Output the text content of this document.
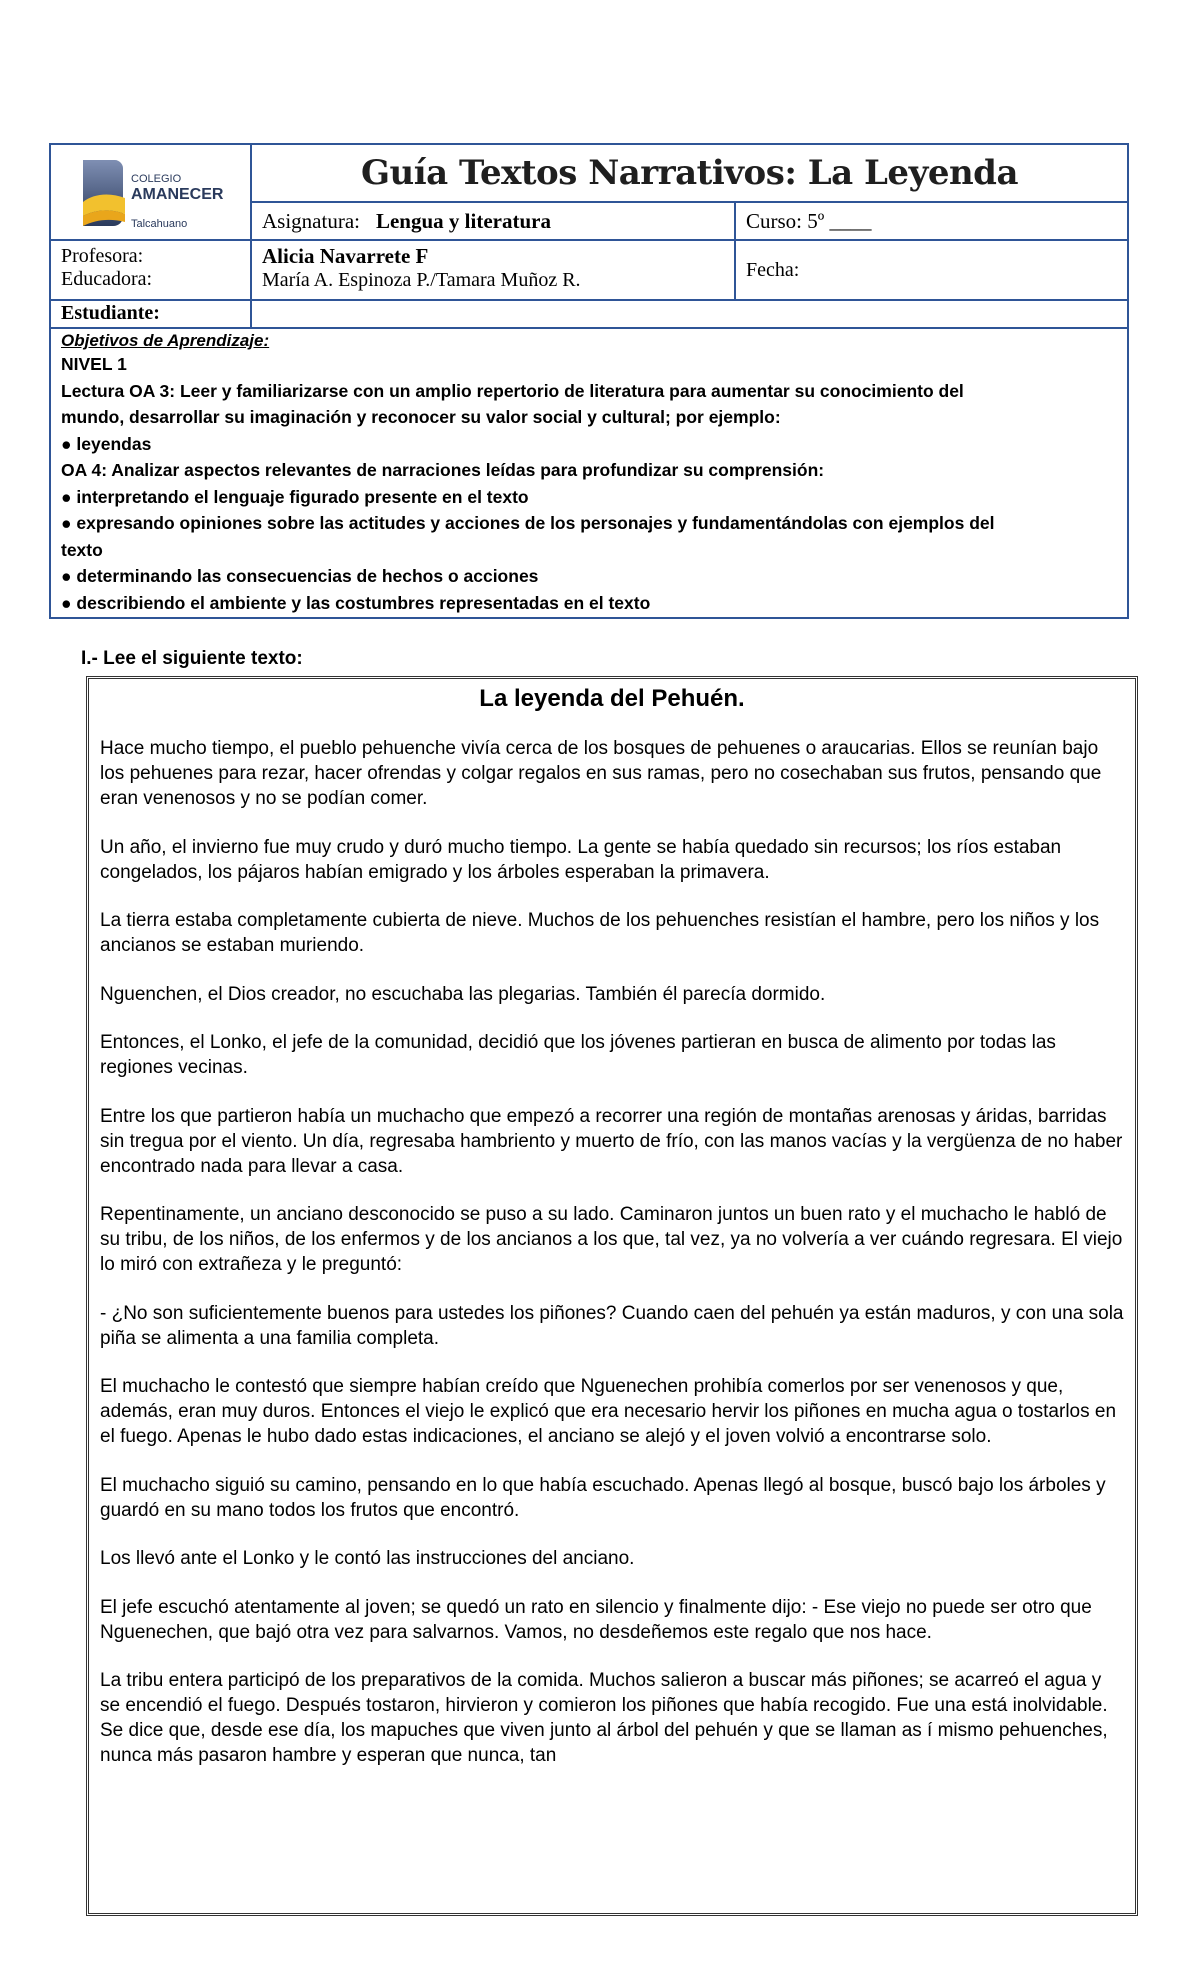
COLEGIO
AMANECER
Talcahuano
Guía Textos Narrativos: La Leyenda
Asignatura: Lengua y literatura	Curso: 5º ____
Profesora:
Educadora:
Alicia Navarrete F
María A. Espinoza P./Tamara Muñoz R.	Fecha:
Estudiante:
Objetivos de Aprendizaje:
NIVEL 1
Lectura OA 3: Leer y familiarizarse con un amplio repertorio de literatura para aumentar su conocimiento del
mundo, desarrollar su imaginación y reconocer su valor social y cultural; por ejemplo:
● leyendas
OA 4: Analizar aspectos relevantes de narraciones leídas para profundizar su comprensión:
● interpretando el lenguaje figurado presente en el texto
● expresando opiniones sobre las actitudes y acciones de los personajes y fundamentándolas con ejemplos del
texto
● determinando las consecuencias de hechos o acciones
● describiendo el ambiente y las costumbres representadas en el texto
I.- Lee el siguiente texto:
La leyenda del Pehuén.

Hace mucho tiempo, el pueblo pehuenche vivía cerca de los bosques de pehuenes o araucarias. Ellos se reunían bajo los pehuenes para rezar, hacer ofrendas y colgar regalos en sus ramas, pero no cosechaban sus frutos, pensando que eran venenosos y no se podían comer.

Un año, el invierno fue muy crudo y duró mucho tiempo. La gente se había quedado sin recursos; los ríos estaban congelados, los pájaros habían emigrado y los árboles esperaban la primavera.

La tierra estaba completamente cubierta de nieve. Muchos de los pehuenches resistían el hambre, pero los niños y los ancianos se estaban muriendo.

Nguenchen, el Dios creador, no escuchaba las plegarias. También él parecía dormido.

Entonces, el Lonko, el jefe de la comunidad, decidió que los jóvenes partieran en busca de alimento por todas las regiones vecinas.

Entre los que partieron había un muchacho que empezó a recorrer una región de montañas arenosas y áridas, barridas sin tregua por el viento. Un día, regresaba hambriento y muerto de frío, con las manos vacías y la vergüenza de no haber encontrado nada para llevar a casa.

Repentinamente, un anciano desconocido se puso a su lado. Caminaron juntos un buen rato y el muchacho le habló de su tribu, de los niños, de los enfermos y de los ancianos a los que, tal vez, ya no volvería a ver cuándo regresara. El viejo lo miró con extrañeza y le preguntó:

- ¿No son suficientemente buenos para ustedes los piñones? Cuando caen del pehuén ya están maduros, y con una sola piña se alimenta a una familia completa.

El muchacho le contestó que siempre habían creído que Nguenechen prohibía comerlos por ser venenosos y que, además, eran muy duros. Entonces el viejo le explicó que era necesario hervir los piñones en mucha agua o tostarlos en el fuego. Apenas le hubo dado estas indicaciones, el anciano se alejó y el joven volvió a encontrarse solo.

El muchacho siguió su camino, pensando en lo que había escuchado. Apenas llegó al bosque, buscó bajo los árboles y guardó en su mano todos los frutos que encontró.

Los llevó ante el Lonko y le contó las instrucciones del anciano.

El jefe escuchó atentamente al joven; se quedó un rato en silencio y finalmente dijo: - Ese viejo no puede ser otro que Nguenechen, que bajó otra vez para salvarnos. Vamos, no desdeñemos este regalo que nos hace.

La tribu entera participó de los preparativos de la comida. Muchos salieron a buscar más piñones; se acarreó el agua y se encendió el fuego. Después tostaron, hirvieron y comieron los piñones que había recogido. Fue una está inolvidable. Se dice que, desde ese día, los mapuches que viven junto al árbol del pehuén y que se llaman as í mismo pehuenches, nunca más pasaron hambre y esperan que nunca, tan
